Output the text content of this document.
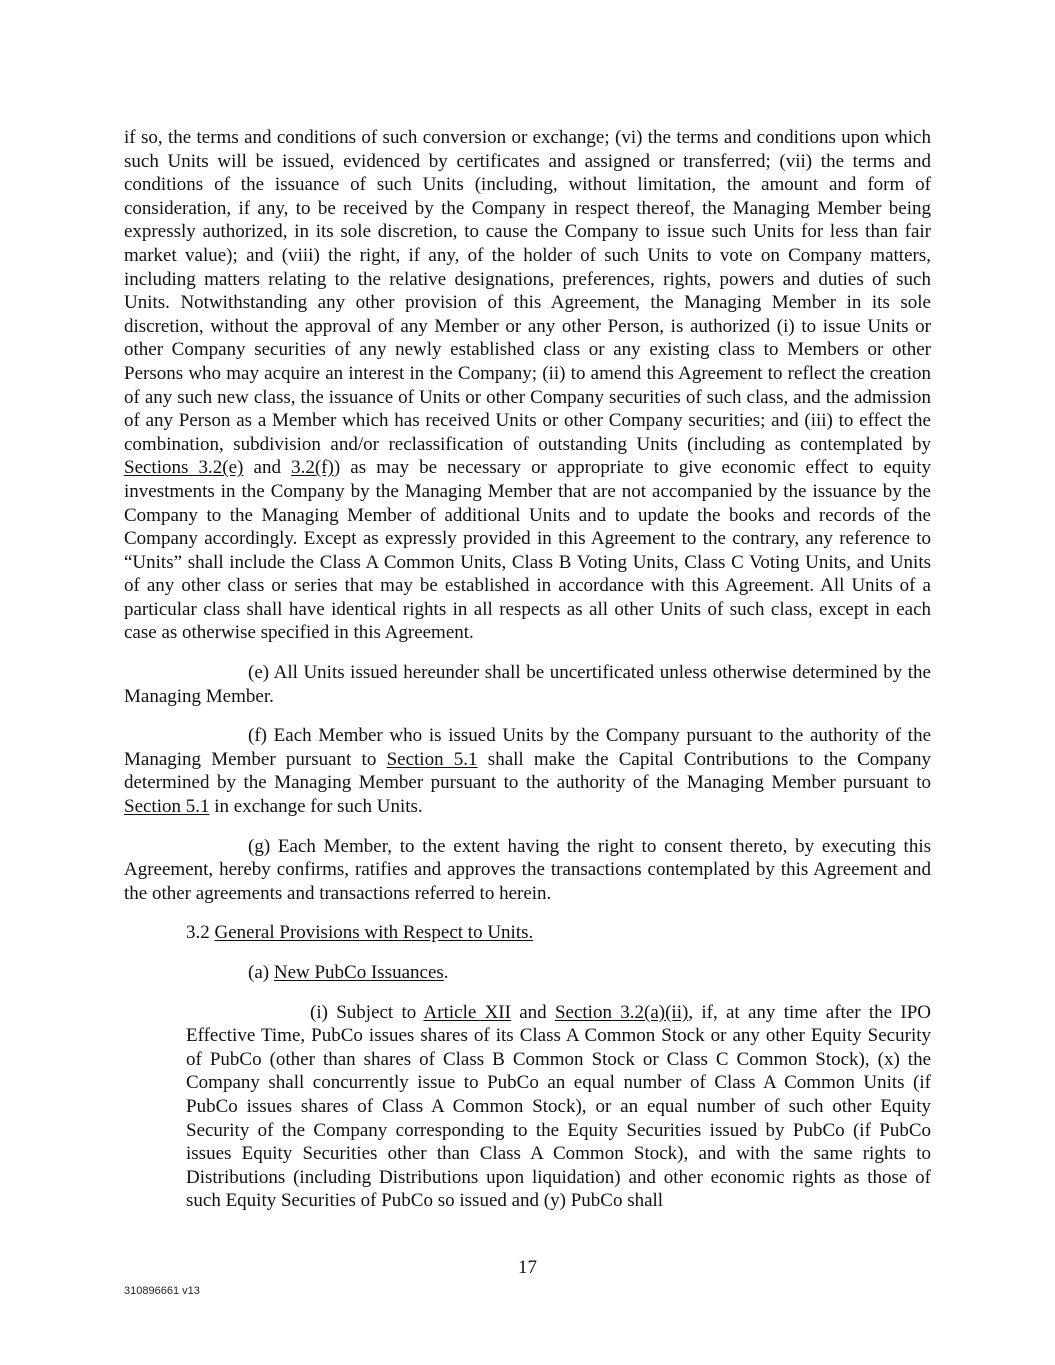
if so, the terms and conditions of such conversion or exchange; (vi) the terms and conditions upon which such Units will be issued, evidenced by certificates and assigned or transferred; (vii) the terms and conditions of the issuance of such Units (including, without limitation, the amount and form of consideration, if any, to be received by the Company in respect thereof, the Managing Member being expressly authorized, in its sole discretion, to cause the Company to issue such Units for less than fair market value); and (viii) the right, if any, of the holder of such Units to vote on Company matters, including matters relating to the relative designations, preferences, rights, powers and duties of such Units. Notwithstanding any other provision of this Agreement, the Managing Member in its sole discretion, without the approval of any Member or any other Person, is authorized (i) to issue Units or other Company securities of any newly established class or any existing class to Members or other Persons who may acquire an interest in the Company; (ii) to amend this Agreement to reflect the creation of any such new class, the issuance of Units or other Company securities of such class, and the admission of any Person as a Member which has received Units or other Company securities; and (iii) to effect the combination, subdivision and/or reclassification of outstanding Units (including as contemplated by Sections 3.2(e) and 3.2(f)) as may be necessary or appropriate to give economic effect to equity investments in the Company by the Managing Member that are not accompanied by the issuance by the Company to the Managing Member of additional Units and to update the books and records of the Company accordingly. Except as expressly provided in this Agreement to the contrary, any reference to “Units” shall include the Class A Common Units, Class B Voting Units, Class C Voting Units, and Units of any other class or series that may be established in accordance with this Agreement. All Units of a particular class shall have identical rights in all respects as all other Units of such class, except in each case as otherwise specified in this Agreement.

(e) All Units issued hereunder shall be uncertificated unless otherwise determined by the Managing Member.

(f) Each Member who is issued Units by the Company pursuant to the authority of the Managing Member pursuant to Section 5.1 shall make the Capital Contributions to the Company determined by the Managing Member pursuant to the authority of the Managing Member pursuant to Section 5.1 in exchange for such Units.

(g) Each Member, to the extent having the right to consent thereto, by executing this Agreement, hereby confirms, ratifies and approves the transactions contemplated by this Agreement and the other agreements and transactions referred to herein.

3.2 General Provisions with Respect to Units.

(a) New PubCo Issuances.

(i) Subject to Article XII and Section 3.2(a)(ii), if, at any time after the IPO Effective Time, PubCo issues shares of its Class A Common Stock or any other Equity Security of PubCo (other than shares of Class B Common Stock or Class C Common Stock), (x) the Company shall concurrently issue to PubCo an equal number of Class A Common Units (if PubCo issues shares of Class A Common Stock), or an equal number of such other Equity Security of the Company corresponding to the Equity Securities issued by PubCo (if PubCo issues Equity Securities other than Class A Common Stock), and with the same rights to Distributions (including Distributions upon liquidation) and other economic rights as those of such Equity Securities of PubCo so issued and (y) PubCo shall

17
310896661 v13
